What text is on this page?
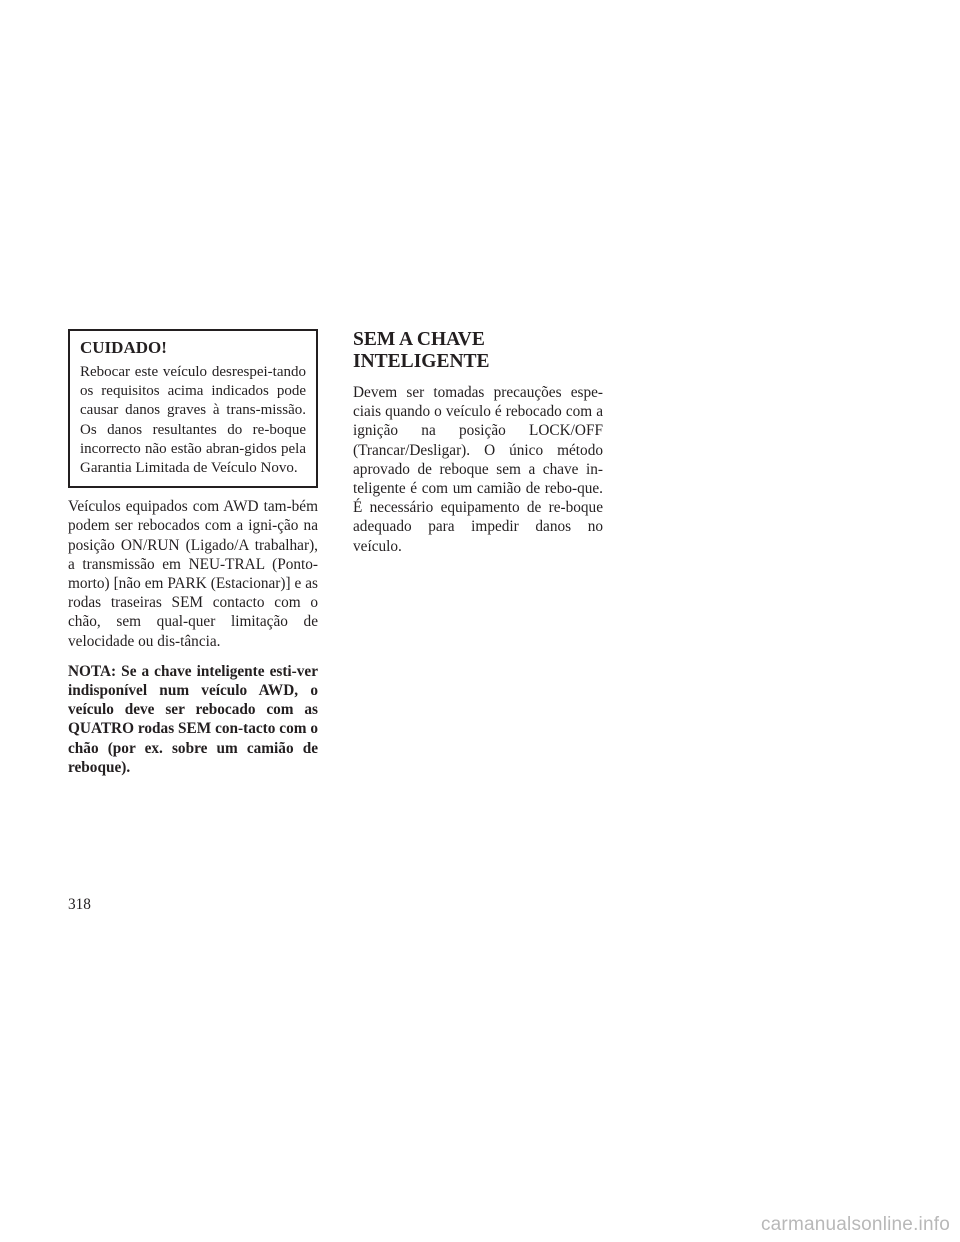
CUIDADO!

Rebocar este veículo desrespei-tando os requisitos acima indicados pode causar danos graves à trans-missão. Os danos resultantes do re-boque incorrecto não estão abran-gidos pela Garantia Limitada de Veículo Novo.

Veículos equipados com AWD tam-bém podem ser rebocados com a igni-ção na posição ON/RUN (Ligado/A trabalhar), a transmissão em NEU-TRAL (Ponto-morto) [não em PARK (Estacionar)] e as rodas traseiras SEM contacto com o chão, sem qual-quer limitação de velocidade ou dis-tância.

NOTA: Se a chave inteligente esti-ver indisponível num veículo AWD, o veículo deve ser rebocado com as QUATRO rodas SEM con-tacto com o chão (por ex. sobre um camião de reboque).

SEM A CHAVE INTELIGENTE

Devem ser tomadas precauções espe-ciais quando o veículo é rebocado com a ignição na posição LOCK/OFF (Trancar/Desligar). O único método aprovado de reboque sem a chave in-teligente é com um camião de rebo-que. É necessário equipamento de re-boque adequado para impedir danos no veículo.

318
carmanualsonline.info
